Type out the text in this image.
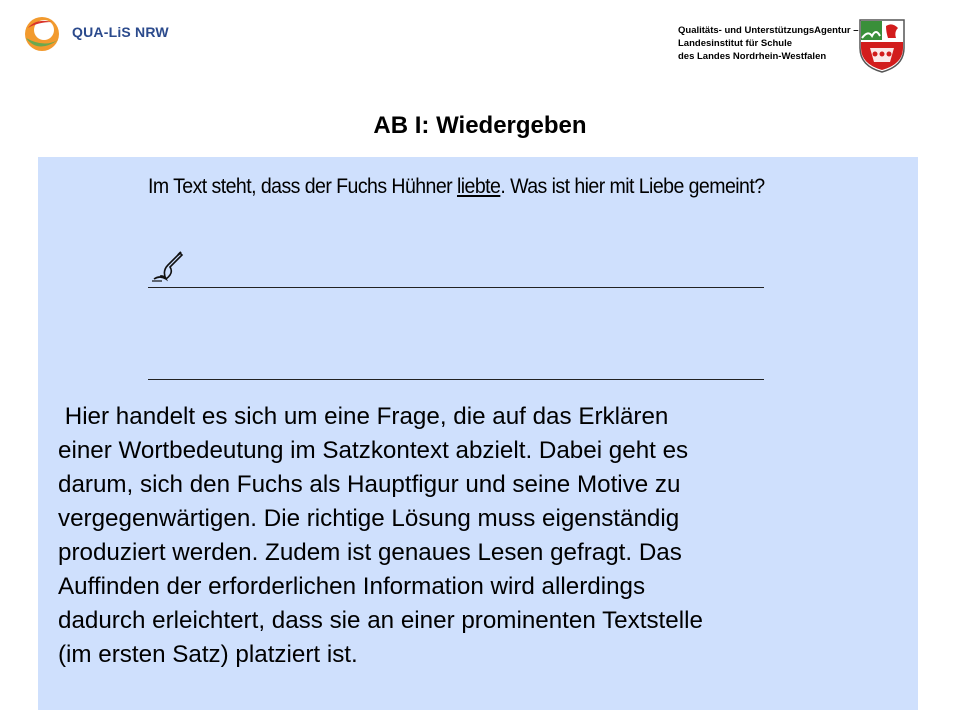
QUA-LiS NRW	Qualitäts- und UnterstützungsAgentur –
Landesinstitut für Schule
des Landes Nordrhein-Westfalen
AB I: Wiedergeben
Im Text steht, dass der Fuchs Hühner liebte. Was ist hier mit Liebe gemeint?
Hier handelt es sich um eine Frage, die auf das Erklären
einer Wortbedeutung im Satzkontext abzielt. Dabei geht es
darum, sich den Fuchs als Hauptfigur und seine Motive zu
vergegenwärtigen. Die richtige Lösung muss eigenständig
produziert werden. Zudem ist genaues Lesen gefragt. Das
Auffinden der erforderlichen Information wird allerdings
dadurch erleichtert, dass sie an einer prominenten Textstelle
(im ersten Satz) platziert ist.
